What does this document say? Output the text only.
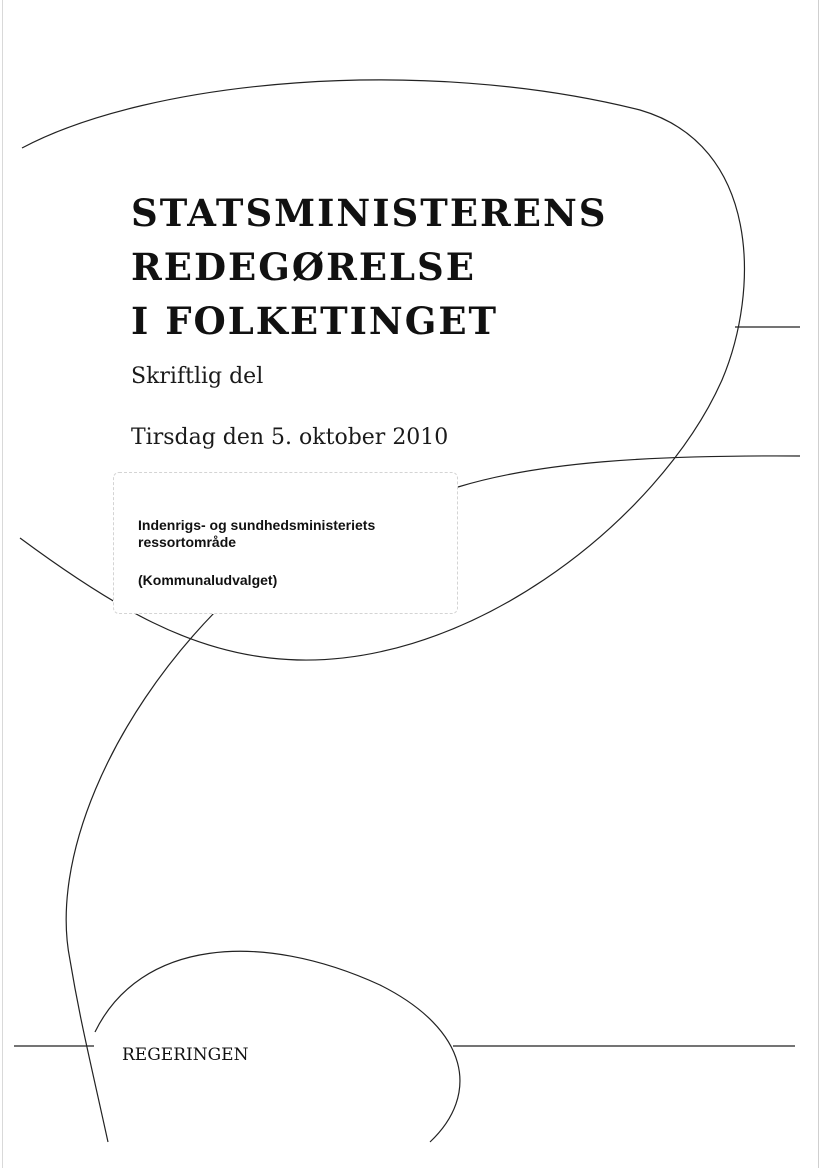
STATSMINISTERENS
REDEGØRELSE
I FOLKETINGET

Skriftlig del

Tirsdag den 5. oktober 2010

Indenrigs- og sundhedsministeriets

ressortområde

(Kommunaludvalget)

REGERINGEN
